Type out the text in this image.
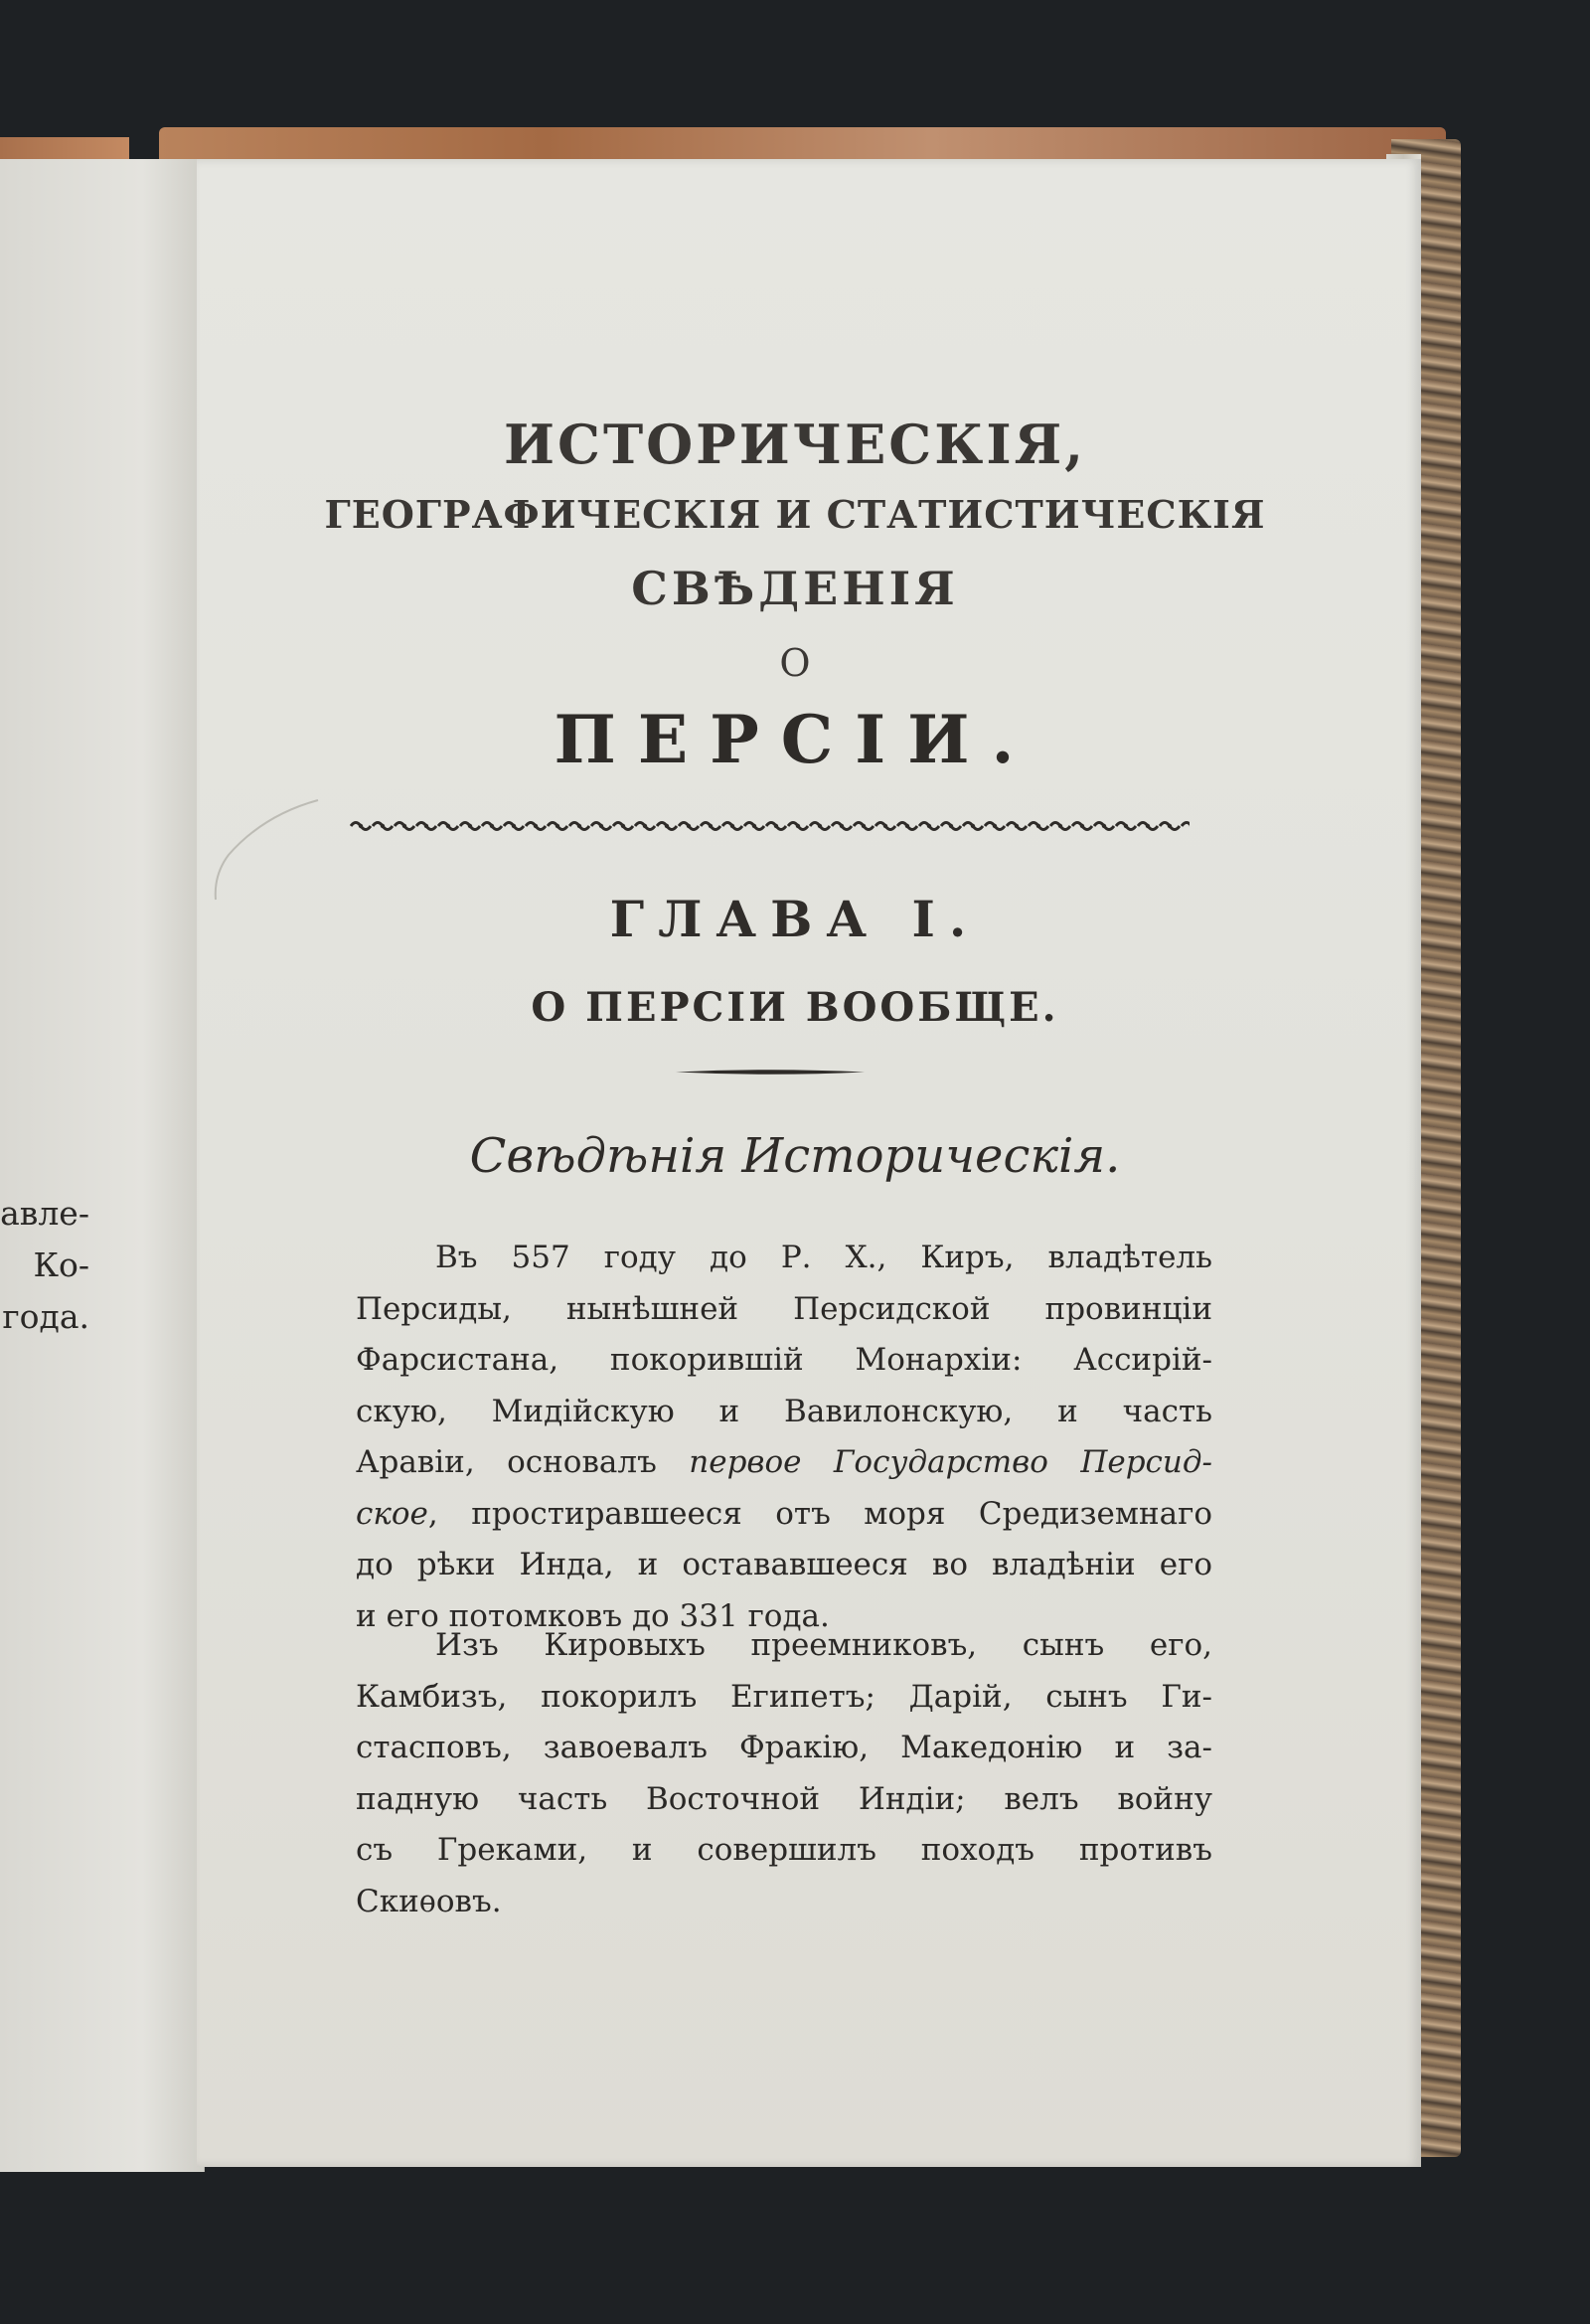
авле-
Ко-
года.
ИСТОРИЧЕСКІЯ,
ГЕОГРАФИЧЕСКІЯ И СТАТИСТИЧЕСКІЯ
СВѢДЕНІЯ
О
ПЕРСІИ.
ГЛАВА I.
О ПЕРСІИ ВООБЩЕ.
Свѣдѣнія Историческія.
Въ 557 году до Р. Х., Киръ, владѣтель
Персиды, нынѣшней Персидской провинціи
Фарсистана, покорившій Монархіи: Ассирій-
скую, Мидійскую и Вавилонскую, и часть
Аравіи, основалъ первое Государство Персид-
ское, простиравшееся отъ моря Средиземнаго
до рѣки Инда, и остававшееся во владѣніи его
и его потомковъ до 331 года.
Изъ Кировыхъ преемниковъ, сынъ его,
Камбизъ, покорилъ Египетъ; Дарій, сынъ Ги-
стасповъ, завоевалъ Фракію, Македонію и за-
падную часть Восточной Индіи; велъ войну
съ Греками, и совершилъ походъ противъ
Скиѳовъ.
